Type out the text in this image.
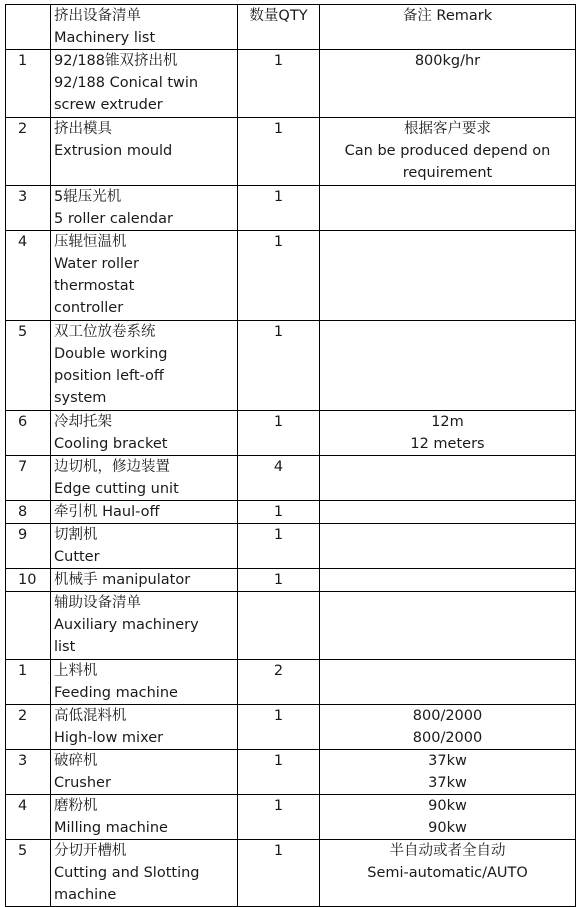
	挤出设备清单
Machinery list	数量QTY	备注 Remark

1	92/188锥双挤出机
92/188 Conical twin
screw extruder	1	800kg/hr

2	挤出模具
Extrusion mould	1	根据客户要求
Can be produced depend on
requirement

3	5辊压光机
5 roller calendar	1	
4	压辊恒温机
Water roller
thermostat
controller	1	
5	双工位放卷系统
Double working
position left-off
system	1	
6	冷却托架
Cooling bracket	1	12m
12 meters

7	边切机，修边装置
Edge cutting unit	4	
8	牵引机 Haul-off	1	
9	切割机
Cutter	1	
10	机械手 manipulator	1	

	辅助设备清单
Auxiliary machinery
list		

1	上料机
Feeding machine	2	
2	高低混料机
High-low mixer	1	800/2000
800/2000

3	破碎机
Crusher	1	37kw
37kw

4	磨粉机
Milling machine	1	90kw
90kw

5	分切开槽机
Cutting and Slotting
machine	1	半自动或者全自动
Semi-automatic/AUTO
